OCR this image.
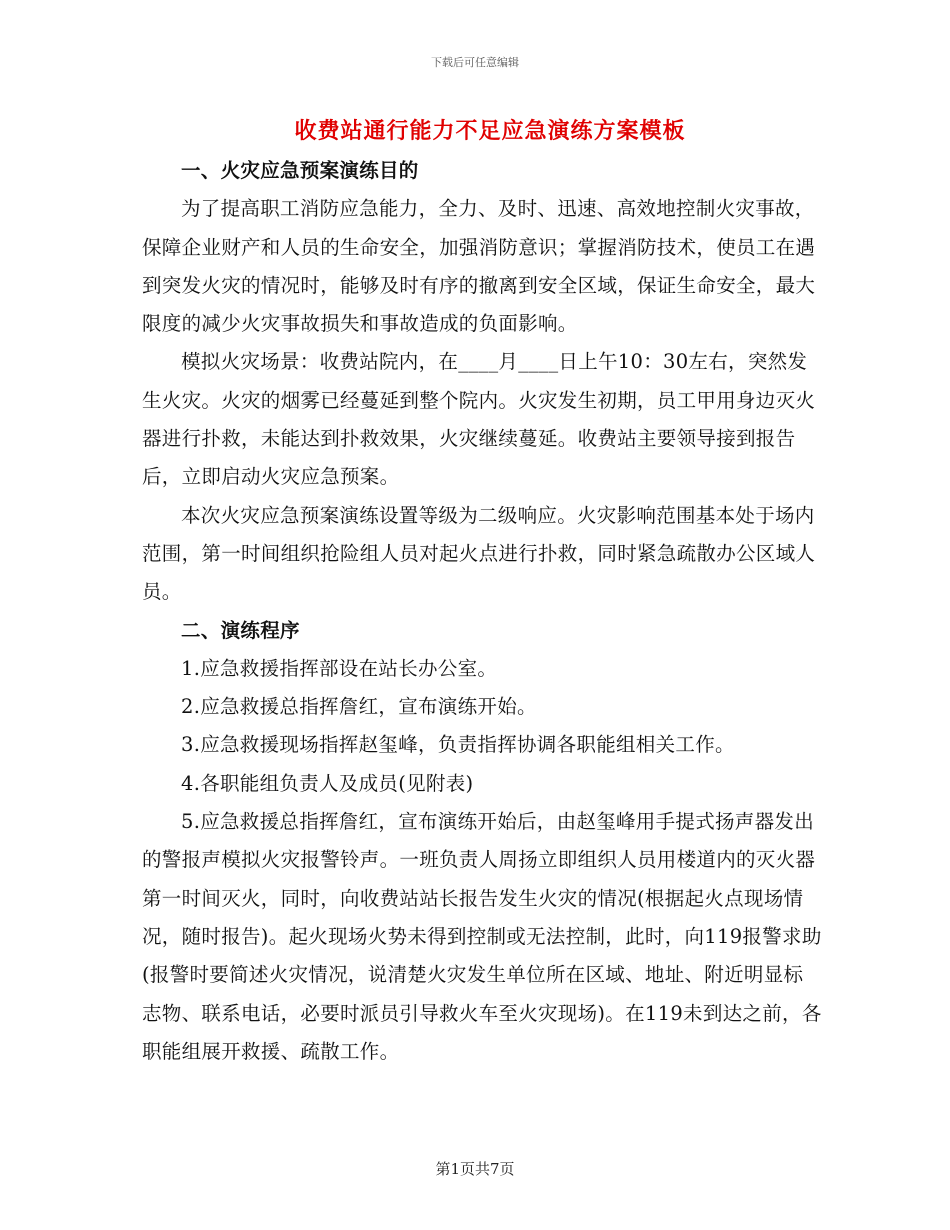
下载后可任意编辑
收费站通行能力不足应急演练方案模板

一、火灾应急预案演练目的

为了提高职工消防应急能力，全力、及时、迅速、高效地控制火灾事故，保障企业财产和人员的生命安全，加强消防意识；掌握消防技术，使员工在遇到突发火灾的情况时，能够及时有序的撤离到安全区域，保证生命安全，最大限度的减少火灾事故损失和事故造成的负面影响。

模拟火灾场景：收费站院内，在____月____日上午10：30左右，突然发生火灾。火灾的烟雾已经蔓延到整个院内。火灾发生初期，员工甲用身边灭火器进行扑救，未能达到扑救效果，火灾继续蔓延。收费站主要领导接到报告后，立即启动火灾应急预案。

本次火灾应急预案演练设置等级为二级响应。火灾影响范围基本处于场内范围，第一时间组织抢险组人员对起火点进行扑救，同时紧急疏散办公区域人员。

二、演练程序

1.应急救援指挥部设在站长办公室。

2.应急救援总指挥詹红，宣布演练开始。

3.应急救援现场指挥赵玺峰，负责指挥协调各职能组相关工作。

4.各职能组负责人及成员(见附表)

5.应急救援总指挥詹红，宣布演练开始后，由赵玺峰用手提式扬声器发出的警报声模拟火灾报警铃声。一班负责人周扬立即组织人员用楼道内的灭火器第一时间灭火，同时，向收费站站长报告发生火灾的情况(根据起火点现场情况，随时报告)。起火现场火势未得到控制或无法控制，此时，向119报警求助(报警时要简述火灾情况，说清楚火灾发生单位所在区域、地址、附近明显标志物、联系电话，必要时派员引导救火车至火灾现场)。在119未到达之前，各职能组展开救援、疏散工作。

第1页共7页
